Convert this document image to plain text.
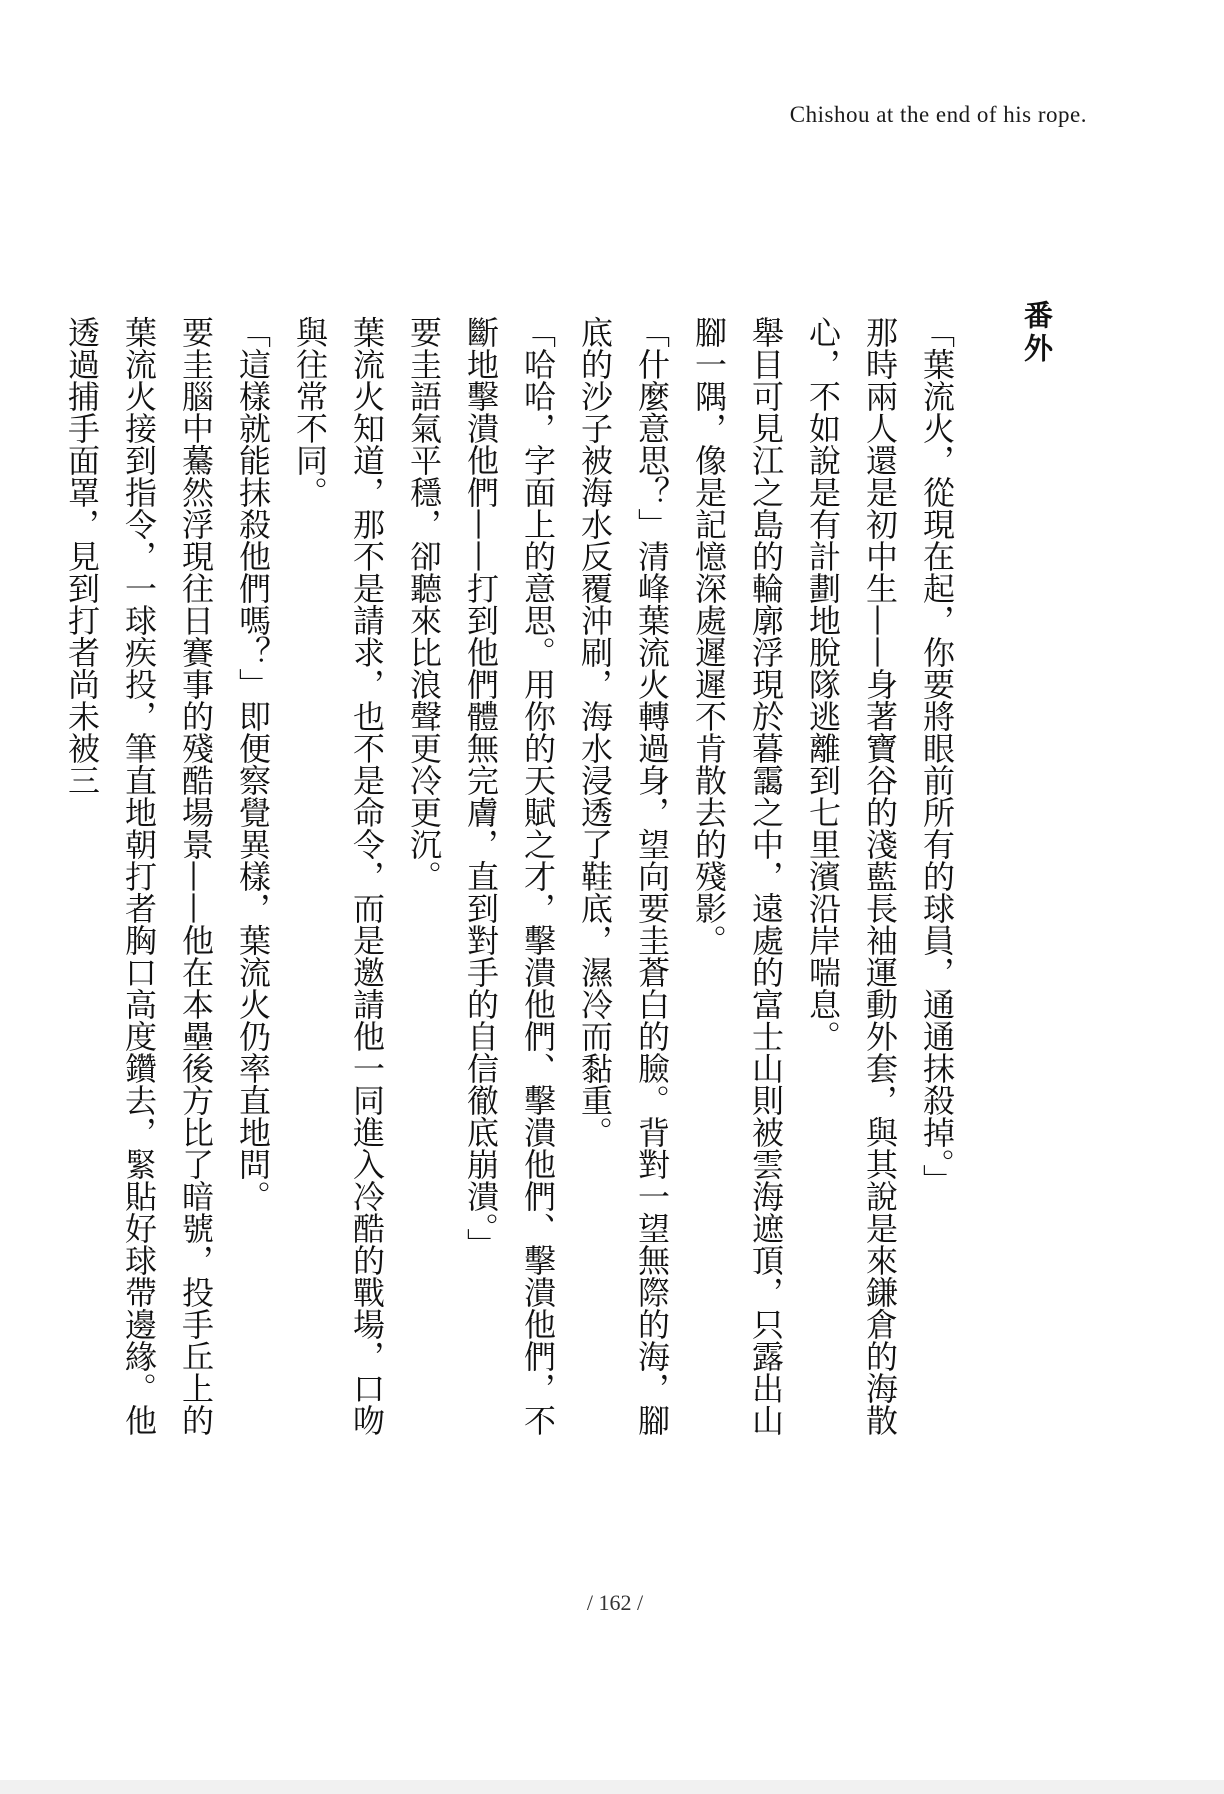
Chishou at the end of his rope.
番外

「葉流火，從現在起，你要將眼前所有的球員，通通抹殺掉。」

那時兩人還是初中生——身著寶谷的淺藍長袖運動外套，與其說是來鎌倉的海散心，不如說是有計劃地脫隊逃離到七里濱沿岸喘息。

舉目可見江之島的輪廓浮現於暮靄之中，遠處的富士山則被雲海遮頂，只露出山腳一隅，像是記憶深處遲遲不肯散去的殘影。

「什麼意思？」清峰葉流火轉過身，望向要圭蒼白的臉。背對一望無際的海，腳底的沙子被海水反覆沖刷，海水浸透了鞋底，濕冷而黏重。

「哈哈，字面上的意思。用你的天賦之才，擊潰他們、擊潰他們、擊潰他們，不斷地擊潰他們——打到他們體無完膚，直到對手的自信徹底崩潰。」

要圭語氣平穩，卻聽來比浪聲更冷更沉。

葉流火知道，那不是請求，也不是命令，而是邀請他一同進入冷酷的戰場，口吻與往常不同。

「這樣就能抹殺他們嗎？」即便察覺異樣，葉流火仍率直地問。

要圭腦中驀然浮現往日賽事的殘酷場景——他在本壘後方比了暗號，投手丘上的葉流火接到指令，一球疾投，筆直地朝打者胸口高度鑽去，緊貼好球帶邊緣。他透過捕手面罩，見到打者尚未被三

/ 162 /
